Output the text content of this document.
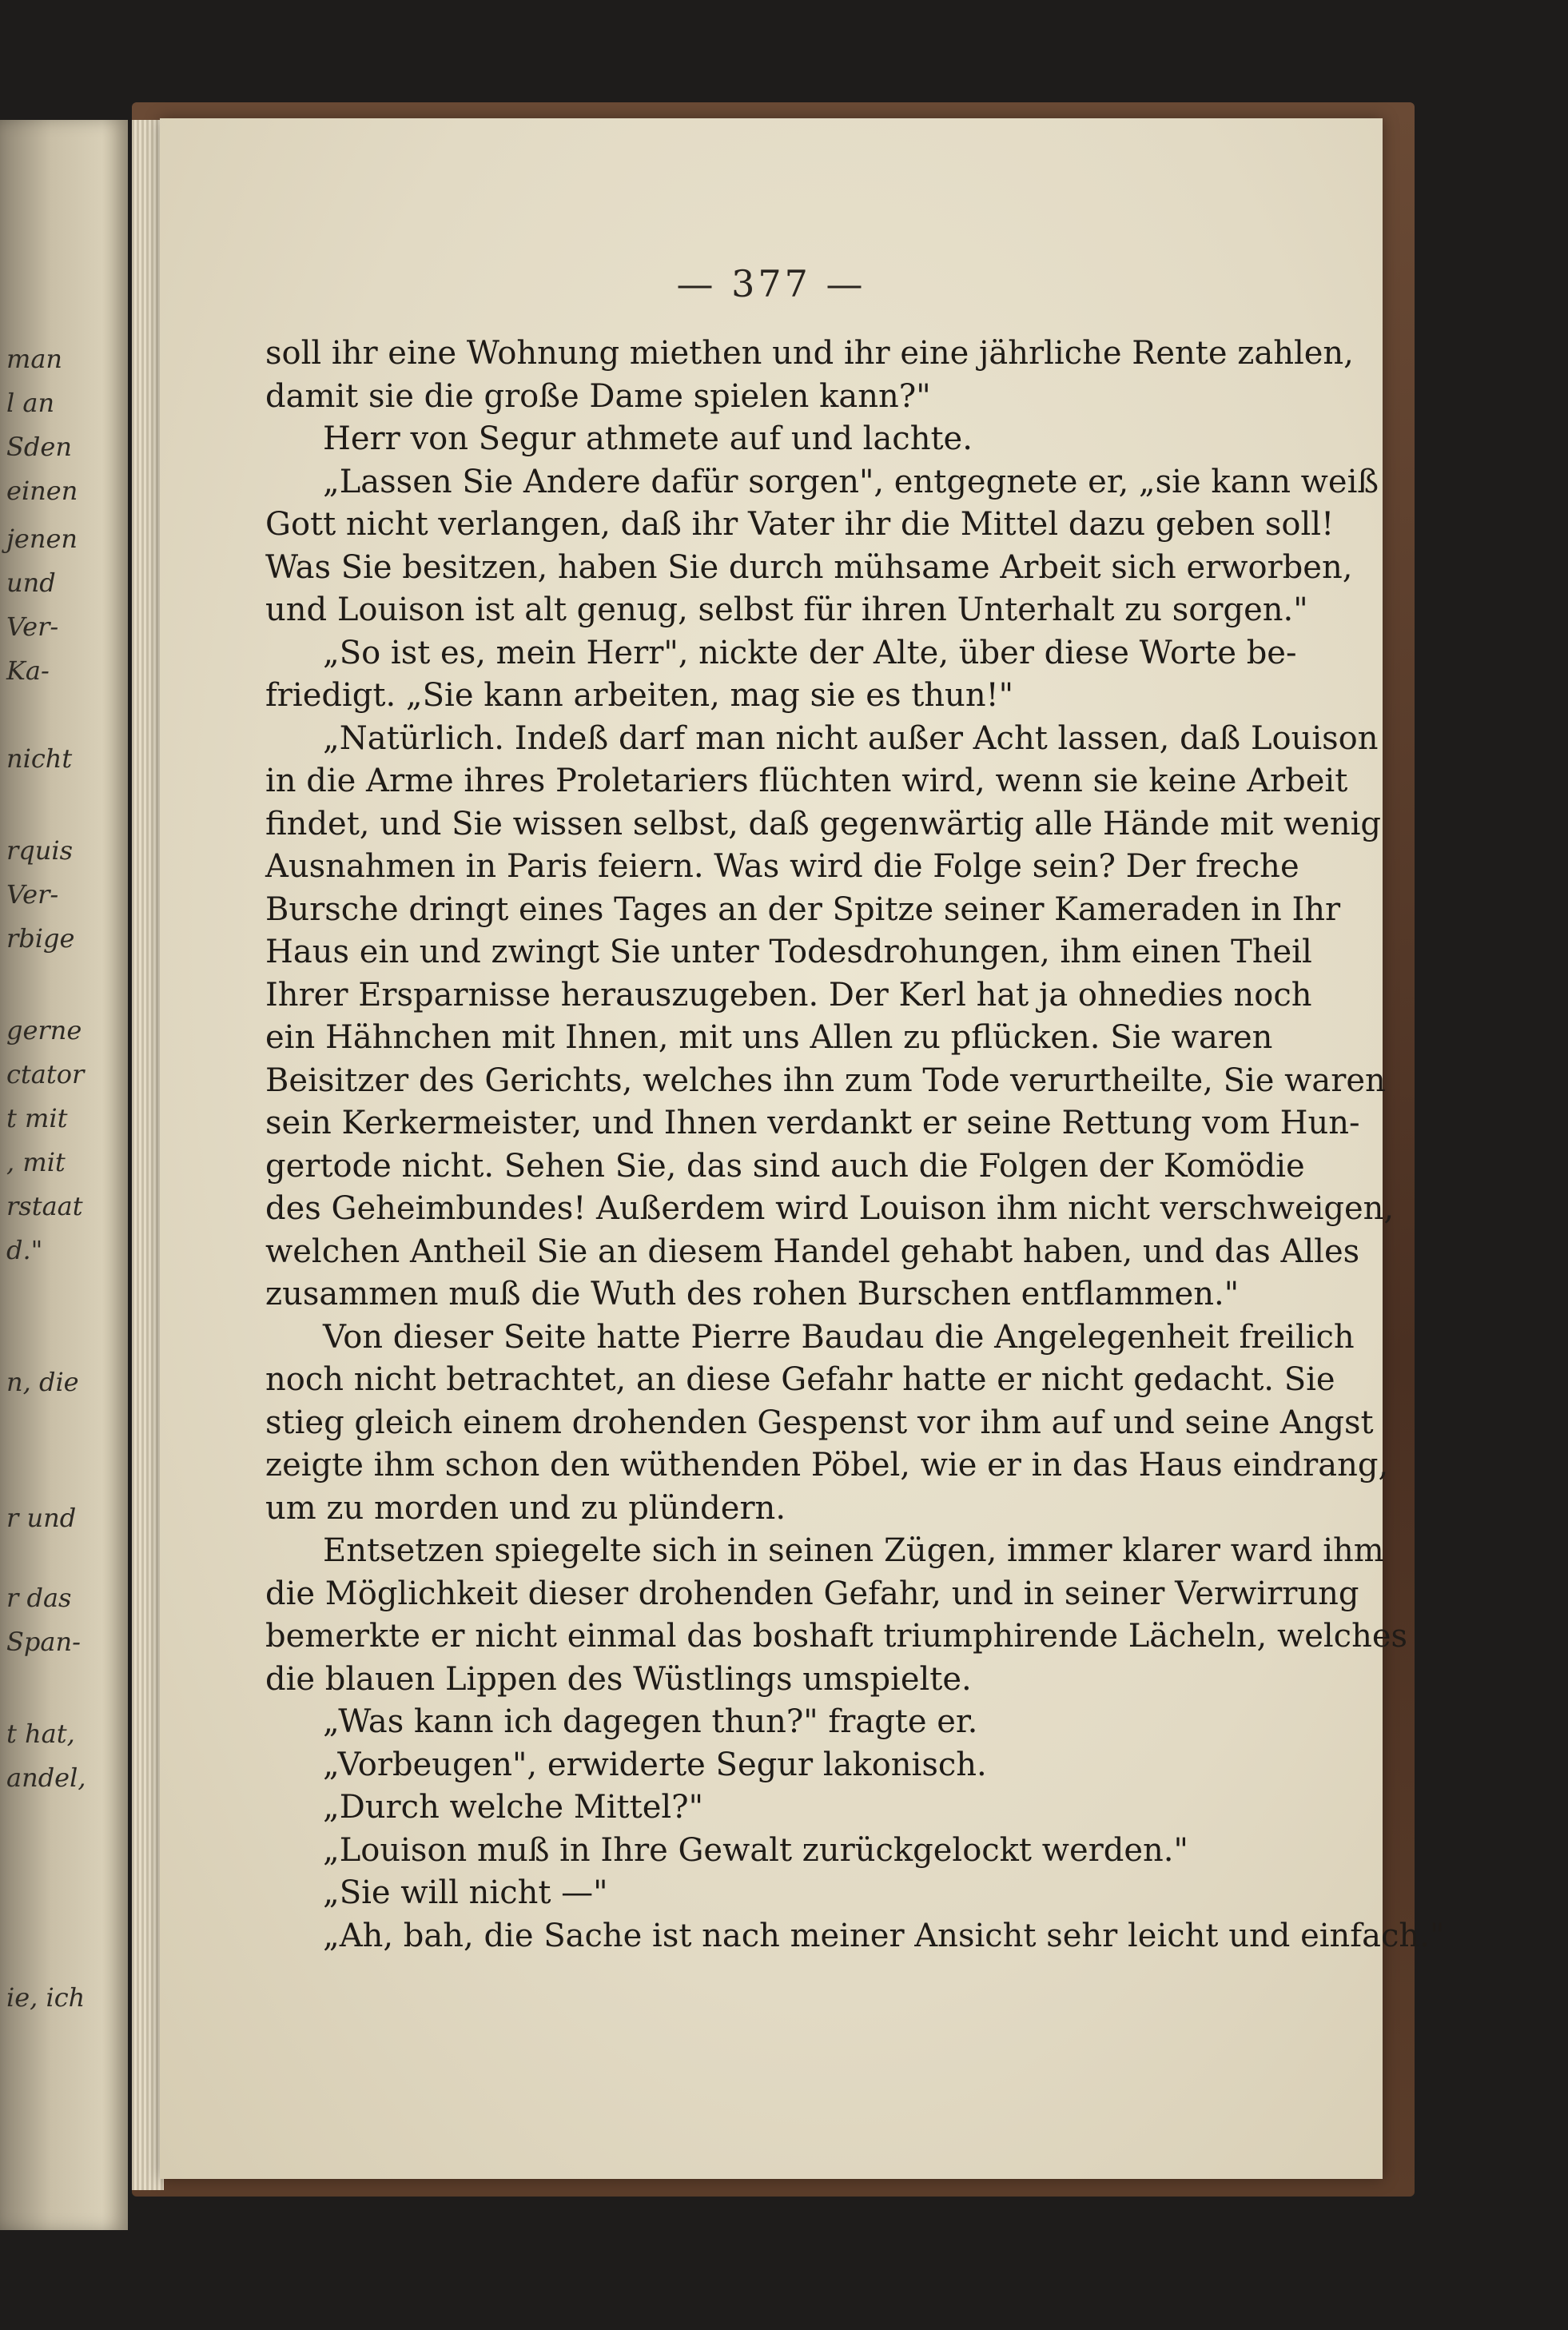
man
l an
Sden
einen
jenen
und
Ver-
Ka-
nicht
rquis
Ver-
rbige
gerne
ctator
t mit
, mit
rstaat
d."
n, die
r und
r das
Span-
t hat,
andel,
ie, ich
— 377 —
soll ihr eine Wohnung miethen und ihr eine jährliche Rente zahlen,
damit sie die große Dame spielen kann?"
Herr von Segur athmete auf und lachte.
„Lassen Sie Andere dafür sorgen", entgegnete er, „sie kann weiß
Gott nicht verlangen, daß ihr Vater ihr die Mittel dazu geben soll!
Was Sie besitzen, haben Sie durch mühsame Arbeit sich erworben,
und Louison ist alt genug, selbst für ihren Unterhalt zu sorgen."
„So ist es, mein Herr", nickte der Alte, über diese Worte be-
friedigt. „Sie kann arbeiten, mag sie es thun!"
„Natürlich. Indeß darf man nicht außer Acht lassen, daß Louison
in die Arme ihres Proletariers flüchten wird, wenn sie keine Arbeit
findet, und Sie wissen selbst, daß gegenwärtig alle Hände mit wenig
Ausnahmen in Paris feiern. Was wird die Folge sein? Der freche
Bursche dringt eines Tages an der Spitze seiner Kameraden in Ihr
Haus ein und zwingt Sie unter Todesdrohungen, ihm einen Theil
Ihrer Ersparnisse herauszugeben. Der Kerl hat ja ohnedies noch
ein Hähnchen mit Ihnen, mit uns Allen zu pflücken. Sie waren
Beisitzer des Gerichts, welches ihn zum Tode verurtheilte, Sie waren
sein Kerkermeister, und Ihnen verdankt er seine Rettung vom Hun-
gertode nicht. Sehen Sie, das sind auch die Folgen der Komödie
des Geheimbundes! Außerdem wird Louison ihm nicht verschweigen,
welchen Antheil Sie an diesem Handel gehabt haben, und das Alles
zusammen muß die Wuth des rohen Burschen entflammen."
Von dieser Seite hatte Pierre Baudau die Angelegenheit freilich
noch nicht betrachtet, an diese Gefahr hatte er nicht gedacht. Sie
stieg gleich einem drohenden Gespenst vor ihm auf und seine Angst
zeigte ihm schon den wüthenden Pöbel, wie er in das Haus eindrang,
um zu morden und zu plündern.
Entsetzen spiegelte sich in seinen Zügen, immer klarer ward ihm
die Möglichkeit dieser drohenden Gefahr, und in seiner Verwirrung
bemerkte er nicht einmal das boshaft triumphirende Lächeln, welches
die blauen Lippen des Wüstlings umspielte.
„Was kann ich dagegen thun?" fragte er.
„Vorbeugen", erwiderte Segur lakonisch.
„Durch welche Mittel?"
„Louison muß in Ihre Gewalt zurückgelockt werden."
„Sie will nicht —"
„Ah, bah, die Sache ist nach meiner Ansicht sehr leicht und einfach."
